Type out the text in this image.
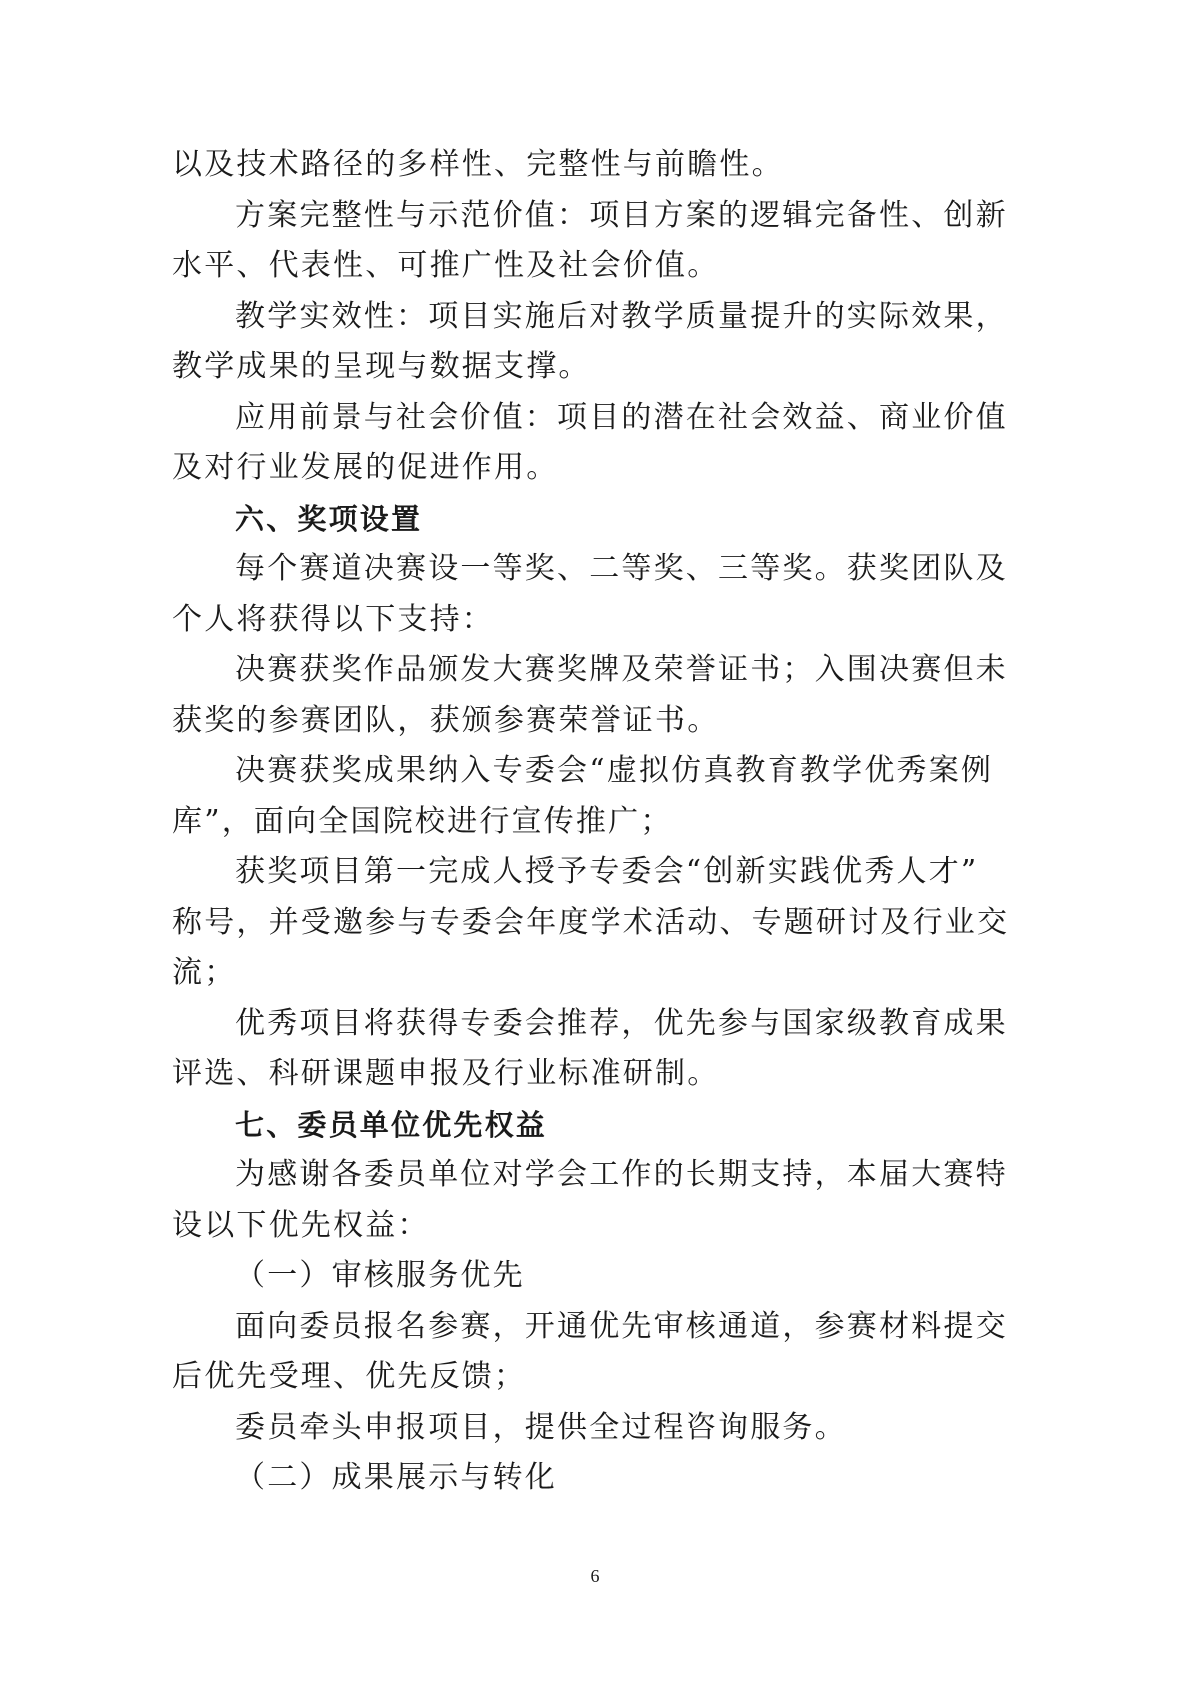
以及技术路径的多样性、完整性与前瞻性。
方案完整性与示范价值：项目方案的逻辑完备性、创新
水平、代表性、可推广性及社会价值。
教学实效性：项目实施后对教学质量提升的实际效果，
教学成果的呈现与数据支撑。
应用前景与社会价值：项目的潜在社会效益、商业价值
及对行业发展的促进作用。
六、奖项设置
每个赛道决赛设一等奖、二等奖、三等奖。获奖团队及
个人将获得以下支持：
决赛获奖作品颁发大赛奖牌及荣誉证书；入围决赛但未
获奖的参赛团队，获颁参赛荣誉证书。
决赛获奖成果纳入专委会“虚拟仿真教育教学优秀案例
库”，面向全国院校进行宣传推广；
获奖项目第一完成人授予专委会“创新实践优秀人才”
称号，并受邀参与专委会年度学术活动、专题研讨及行业交
流；
优秀项目将获得专委会推荐，优先参与国家级教育成果
评选、科研课题申报及行业标准研制。
七、委员单位优先权益
为感谢各委员单位对学会工作的长期支持，本届大赛特
设以下优先权益：
（一）审核服务优先
面向委员报名参赛，开通优先审核通道，参赛材料提交
后优先受理、优先反馈；
委员牵头申报项目，提供全过程咨询服务。
（二）成果展示与转化
6
